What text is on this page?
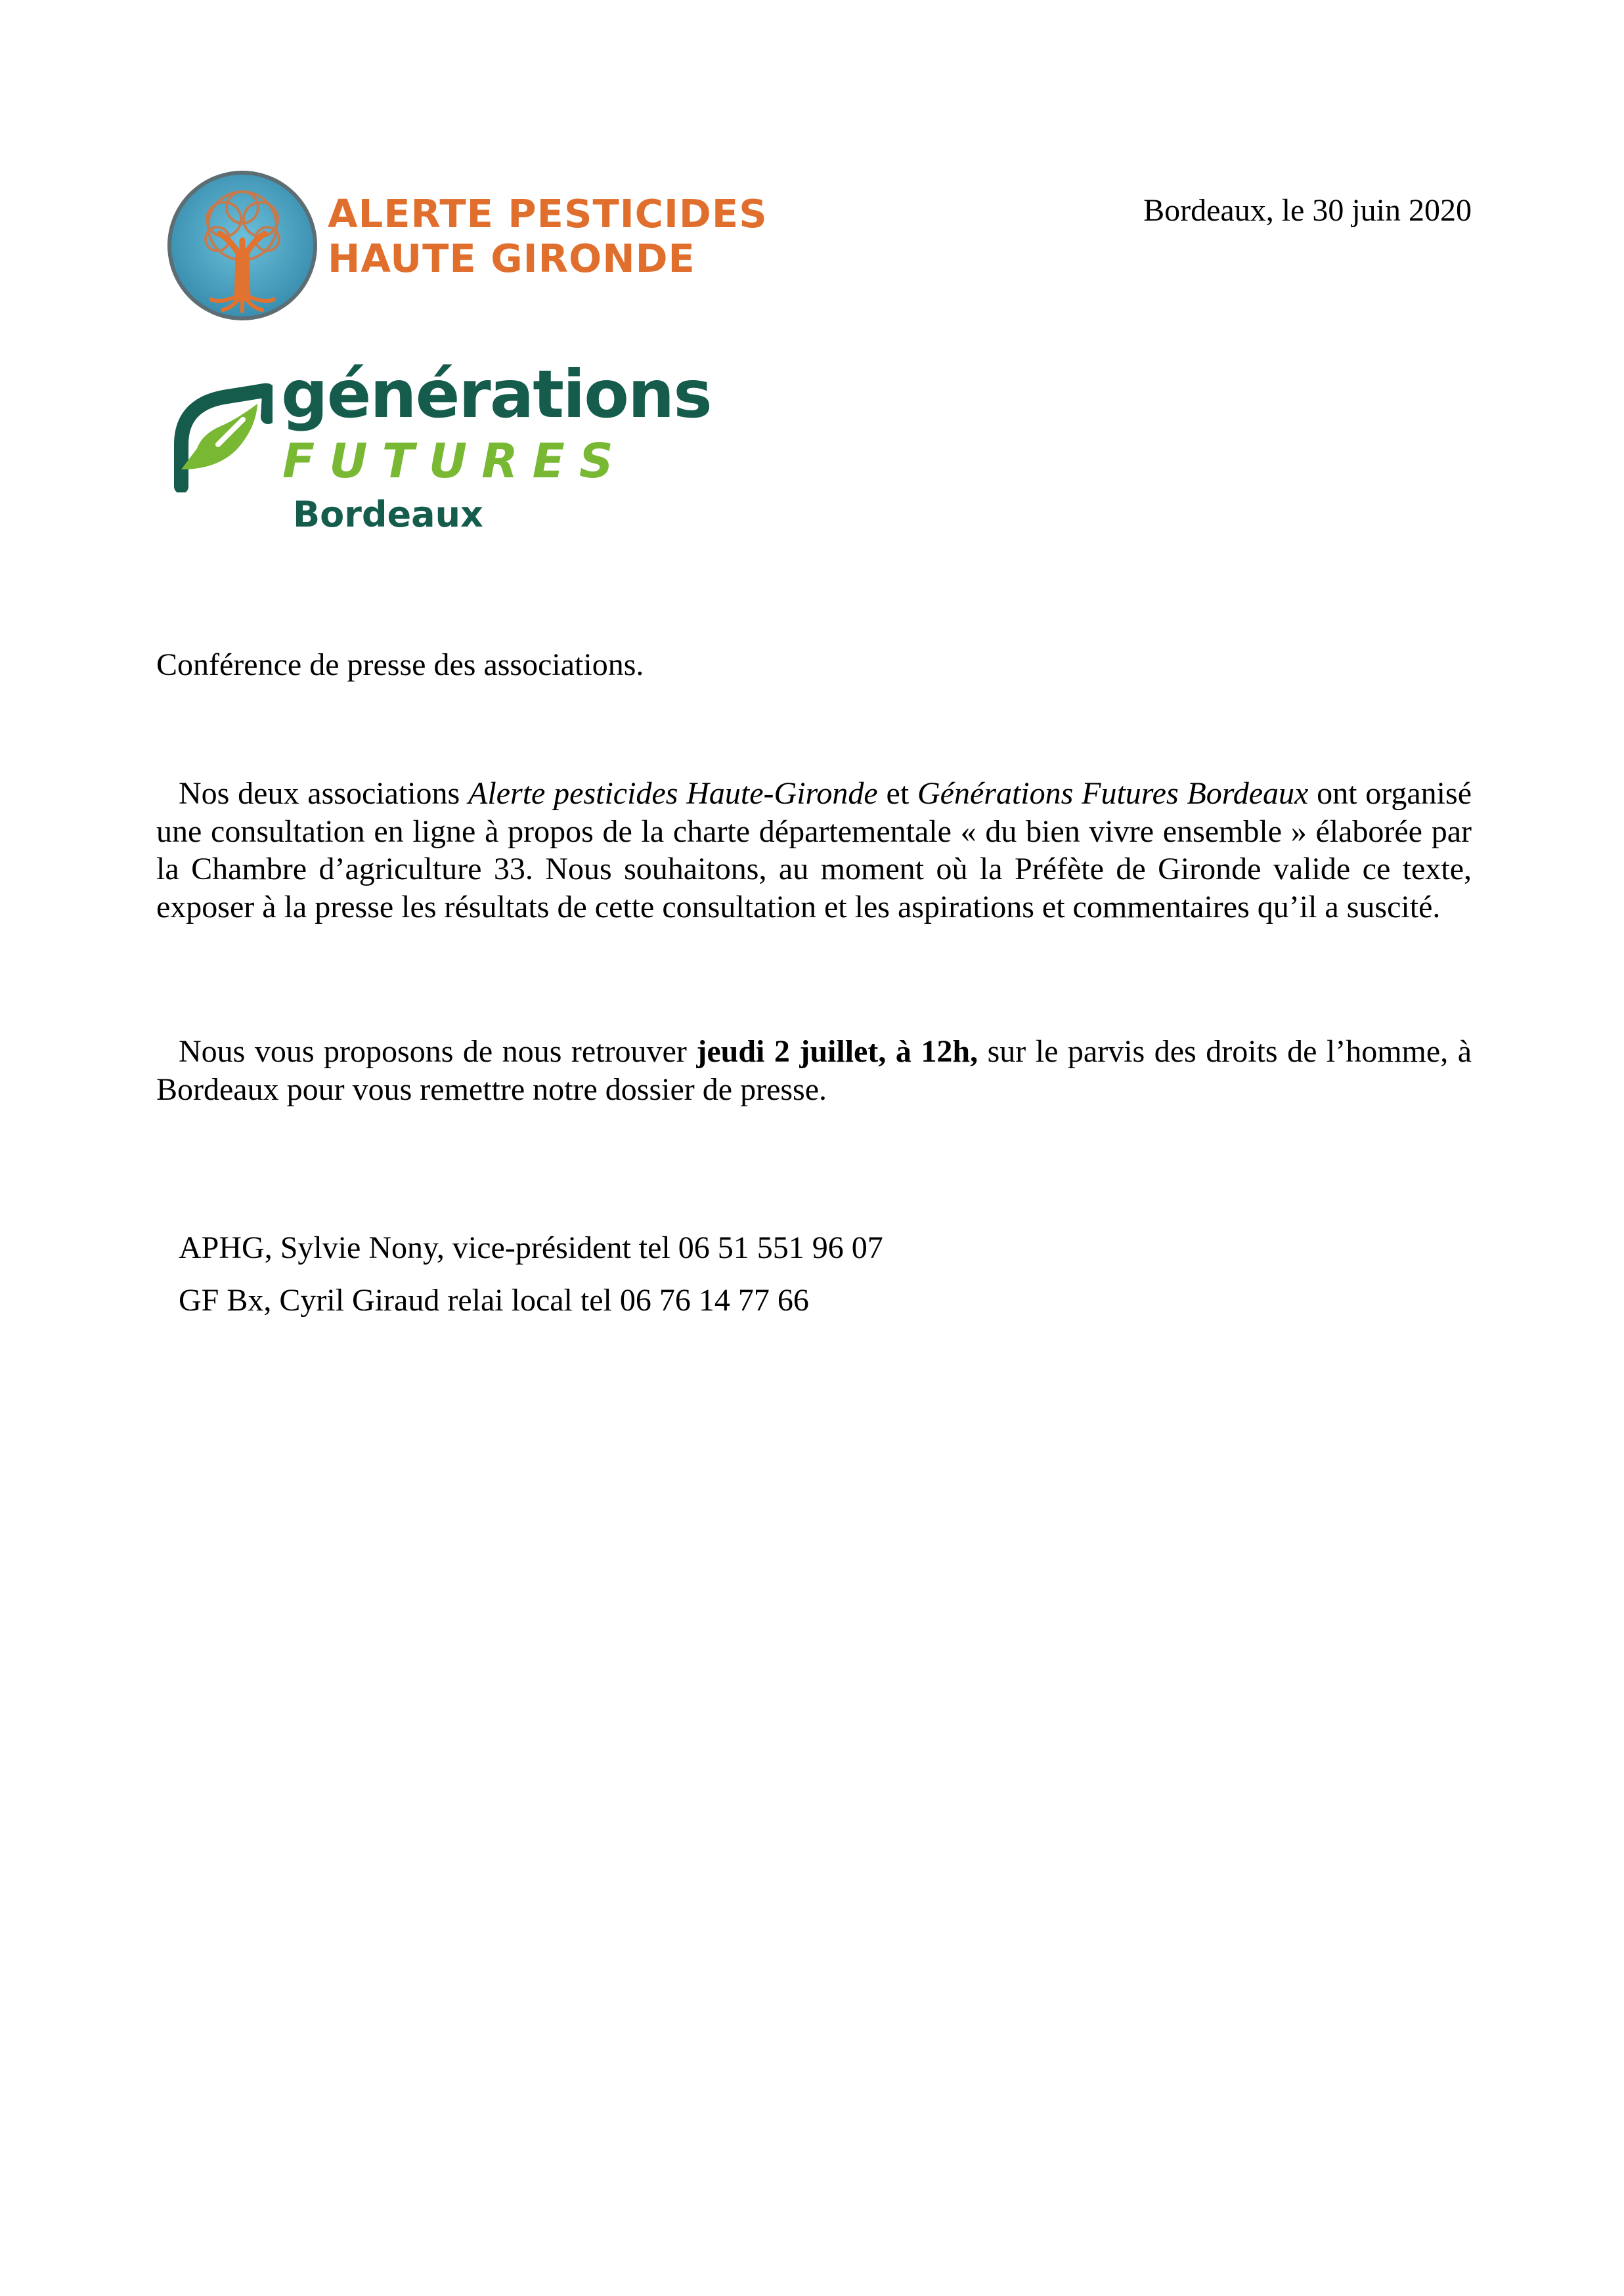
ALERTE PESTICIDES
HAUTE GIRONDE
générations
FUTURES
Bordeaux
Bordeaux, le 30 juin 2020
Conférence de presse des associations.

Nos deux associations Alerte pesticides Haute-Gironde et Générations Futures Bordeaux ont organisé une consultation en ligne à propos de la charte départementale « du bien vivre ensemble » élaborée par la Chambre d’agriculture 33. Nous souhaitons, au moment où la Préfète de Gironde valide ce texte, exposer à la presse les résultats de cette consultation et les aspirations et commentaires qu’il a suscité.

Nous vous proposons de nous retrouver jeudi 2 juillet, à 12h, sur le parvis des droits de l’homme, à Bordeaux pour vous remettre notre dossier de presse.

APHG, Sylvie Nony, vice-président tel 06 51 551 96 07
GF Bx, Cyril Giraud relai local tel 06 76 14 77 66
